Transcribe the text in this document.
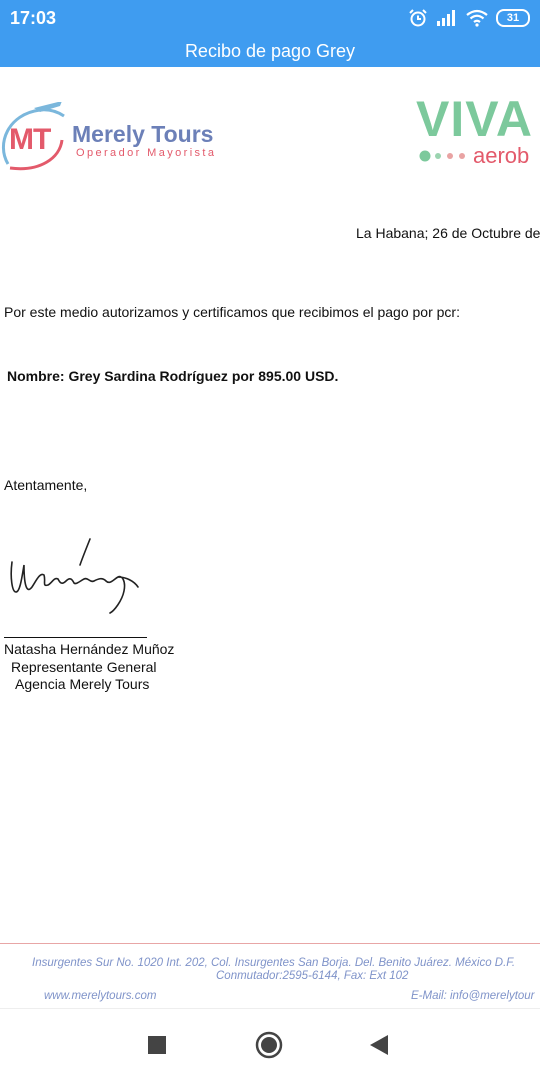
17:03	31
Recibo de pago Grey
MT Merely Tours
Operador Mayorista
VIVA
aerob
La Habana; 26 de Octubre de
Por este medio autorizamos y certificamos que recibimos el pago por pcr:
Nombre: Grey Sardina Rodríguez por 895.00 USD.
Atentamente,
Natasha Hernández Muñoz
Representante General
Agencia Merely Tours
Insurgentes Sur No. 1020 Int. 202, Col. Insurgentes San Borja. Del. Benito Juárez. México D.F.
Conmutador:2595-6144, Fax: Ext 102
www.merelytours.com	E-Mail: info@merelytour
